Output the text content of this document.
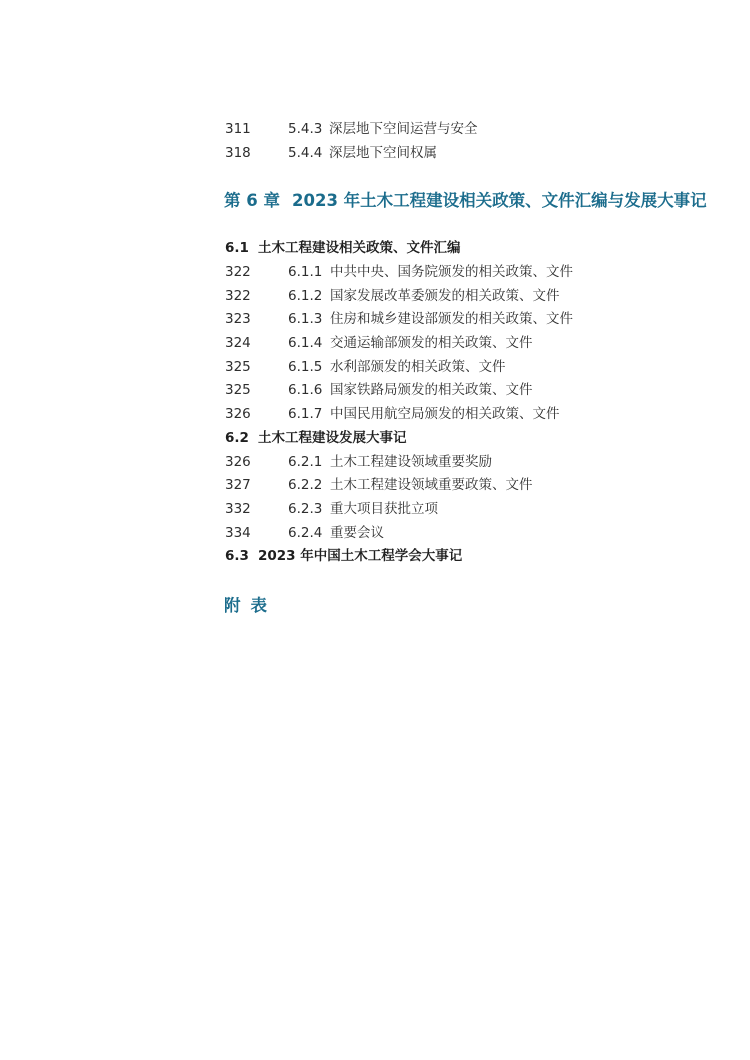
311	5.4.3 深层地下空间运营与安全
318	5.4.4 深层地下空间权属
第 6 章 2023 年土木工程建设相关政策、文件汇编与发展大事记
6.1 土木工程建设相关政策、文件汇编
322	6.1.1 中共中央、国务院颁发的相关政策、文件
322	6.1.2 国家发展改革委颁发的相关政策、文件
323	6.1.3 住房和城乡建设部颁发的相关政策、文件
324	6.1.4 交通运输部颁发的相关政策、文件
325	6.1.5 水利部颁发的相关政策、文件
325	6.1.6 国家铁路局颁发的相关政策、文件
326	6.1.7 中国民用航空局颁发的相关政策、文件
6.2 土木工程建设发展大事记
326	6.2.1 土木工程建设领域重要奖励
327	6.2.2 土木工程建设领域重要政策、文件
332	6.2.3 重大项目获批立项
334	6.2.4 重要会议
6.3 2023 年中国土木工程学会大事记
附表
